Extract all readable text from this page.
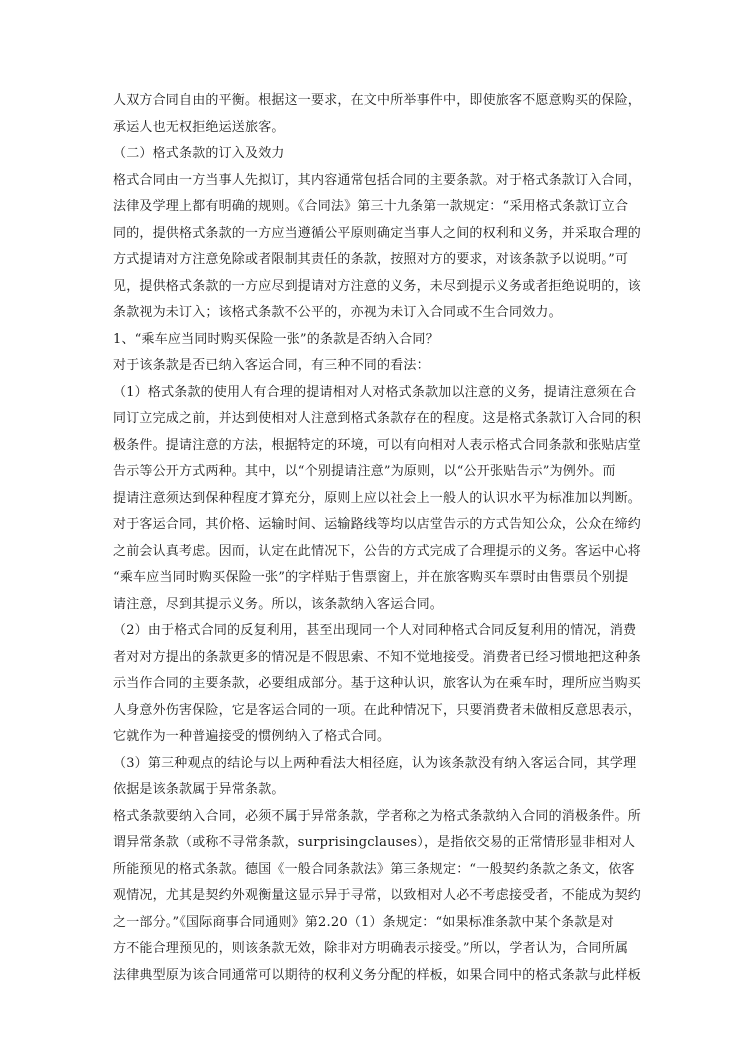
人双方合同自由的平衡。根据这一要求，在文中所举事件中，即使旅客不愿意购买的保险，
承运人也无权拒绝运送旅客。
（二）格式条款的订入及效力
格式合同由一方当事人先拟订，其内容通常包括合同的主要条款。对于格式条款订入合同，
法律及学理上都有明确的规则。《合同法》第三十九条第一款规定：“采用格式条款订立合
同的，提供格式条款的一方应当遵循公平原则确定当事人之间的权利和义务，并采取合理的
方式提请对方注意免除或者限制其责任的条款，按照对方的要求，对该条款予以说明。”可
见，提供格式条款的一方应尽到提请对方注意的义务，未尽到提示义务或者拒绝说明的，该
条款视为未订入；该格式条款不公平的，亦视为未订入合同或不生合同效力。
1、“乘车应当同时购买保险一张”的条款是否纳入合同？
对于该条款是否已纳入客运合同，有三种不同的看法：
（1）格式条款的使用人有合理的提请相对人对格式条款加以注意的义务，提请注意须在合
同订立完成之前，并达到使相对人注意到格式条款存在的程度。这是格式条款订入合同的积
极条件。提请注意的方法，根据特定的环境，可以有向相对人表示格式合同条款和张贴店堂
告示等公开方式两种。其中，以“个别提请注意”为原则，以“公开张贴告示”为例外。而
提请注意须达到保种程度才算充分，原则上应以社会上一般人的认识水平为标准加以判断。
对于客运合同，其价格、运输时间、运输路线等均以店堂告示的方式告知公众，公众在缔约
之前会认真考虑。因而，认定在此情况下，公告的方式完成了合理提示的义务。客运中心将
“乘车应当同时购买保险一张”的字样贴于售票窗上，并在旅客购买车票时由售票员个别提
请注意，尽到其提示义务。所以，该条款纳入客运合同。
（2）由于格式合同的反复利用，甚至出现同一个人对同种格式合同反复利用的情况，消费
者对对方提出的条款更多的情况是不假思索、不知不觉地接受。消费者已经习惯地把这种条
示当作合同的主要条款，必要组成部分。基于这种认识，旅客认为在乘车时，理所应当购买
人身意外伤害保险，它是客运合同的一项。在此种情况下，只要消费者未做相反意思表示，
它就作为一种普遍接受的惯例纳入了格式合同。
（3）第三种观点的结论与以上两种看法大相径庭，认为该条款没有纳入客运合同，其学理
依据是该条款属于异常条款。
格式条款要纳入合同，必须不属于异常条款，学者称之为格式条款纳入合同的消极条件。所
谓异常条款（或称不寻常条款，surprisingclauses），是指依交易的正常情形显非相对人
所能预见的格式条款。德国《一般合同条款法》第三条规定：“一般契约条款之条文，依客
观情况，尤其是契约外观衡量这显示异于寻常，以致相对人必不考虑接受者，不能成为契约
之一部分。”《国际商事合同通则》第2.20（1）条规定：“如果标准条款中某个条款是对
方不能合理预见的，则该条款无效，除非对方明确表示接受。”所以，学者认为，合同所属
法律典型原为该合同通常可以期待的权利义务分配的样板，如果合同中的格式条款与此样板
